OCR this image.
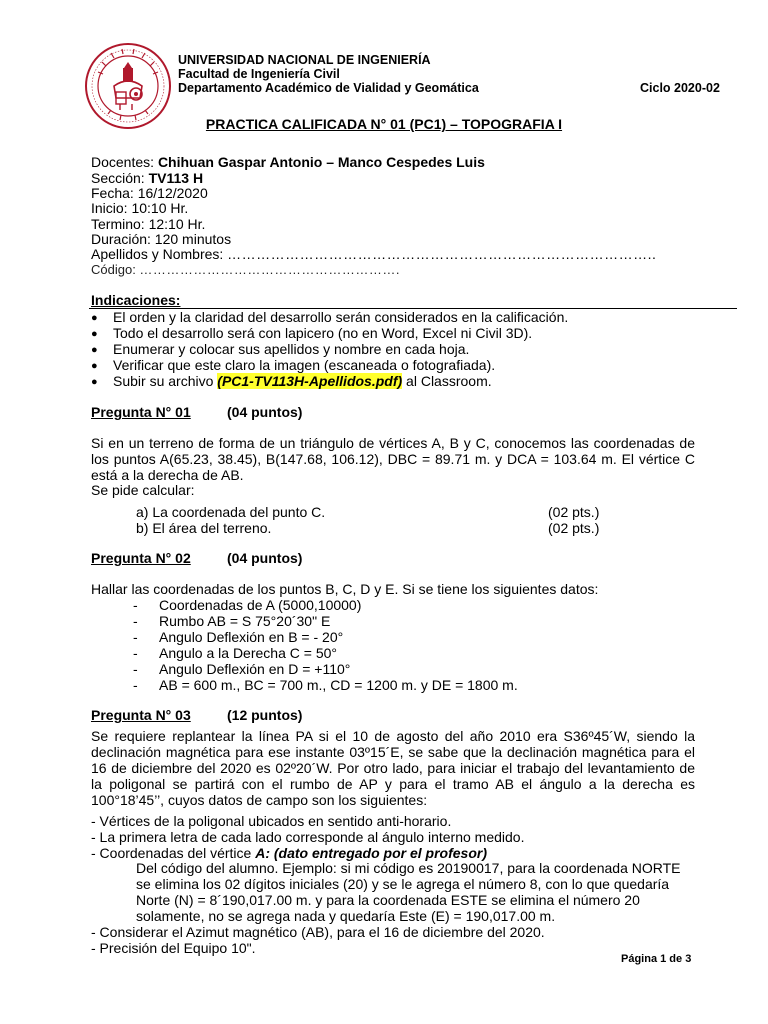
UNIVERSIDAD NACIONAL DE INGENIERÍA
Facultad de Ingeniería Civil
Departamento Académico de Vialidad y Geomática	Ciclo 2020-02
PRACTICA CALIFICADA N° 01 (PC1) – TOPOGRAFIA I
Docentes: Chihuan Gaspar Antonio – Manco Cespedes Luis
Sección: TV113 H
Fecha: 16/12/2020
Inicio: 10:10 Hr.
Termino: 12:10 Hr.
Duración: 120 minutos
Apellidos y Nombres: ……………………………………………………………………………..
Código: ………………………………………………….
Indicaciones:
● El orden y la claridad del desarrollo serán considerados en la calificación.
● Todo el desarrollo será con lapicero (no en Word, Excel ni Civil 3D).
● Enumerar y colocar sus apellidos y nombre en cada hoja.
● Verificar que este claro la imagen (escaneada o fotografiada).
● Subir su archivo (PC1-TV113H-Apellidos.pdf) al Classroom.
Pregunta N° 01	(04 puntos)
Si en un terreno de forma de un triángulo de vértices A, B y C, conocemos las coordenadas de
los puntos A(65.23, 38.45), B(147.68, 106.12), DBC = 89.71 m. y DCA = 103.64 m. El vértice C
está a la derecha de AB.
Se pide calcular:
a) La coordenada del punto C.	(02 pts.)
b) El área del terreno.	(02 pts.)
Pregunta N° 02	(04 puntos)
Hallar las coordenadas de los puntos B, C, D y E. Si se tiene los siguientes datos:
- Coordenadas de A (5000,10000)
- Rumbo AB = S 75°20´30" E
- Angulo Deflexión en B = - 20°
- Angulo a la Derecha C = 50°
- Angulo Deflexión en D = +110°
- AB = 600 m., BC = 700 m., CD = 1200 m. y DE = 1800 m.
Pregunta N° 03	(12 puntos)
Se requiere replantear la línea PA si el 10 de agosto del año 2010 era S36º45´W, siendo la
declinación magnética para ese instante 03º15´E, se sabe que la declinación magnética para el
16 de diciembre del 2020 es 02º20´W. Por otro lado, para iniciar el trabajo del levantamiento de
la poligonal se partirá con el rumbo de AP y para el tramo AB el ángulo a la derecha es
100°18’45’’, cuyos datos de campo son los siguientes:
- Vértices de la poligonal ubicados en sentido anti-horario.
- La primera letra de cada lado corresponde al ángulo interno medido.
- Coordenadas del vértice A: (dato entregado por el profesor)
Del código del alumno. Ejemplo: si mi código es 20190017, para la coordenada NORTE
se elimina los 02 dígitos iniciales (20) y se le agrega el número 8, con lo que quedaría
Norte (N) = 8´190,017.00 m. y para la coordenada ESTE se elimina el número 20
solamente, no se agrega nada y quedaría Este (E) = 190,017.00 m.
- Considerar el Azimut magnético (AB), para el 16 de diciembre del 2020.
- Precisión del Equipo 10".
Página 1 de 3
